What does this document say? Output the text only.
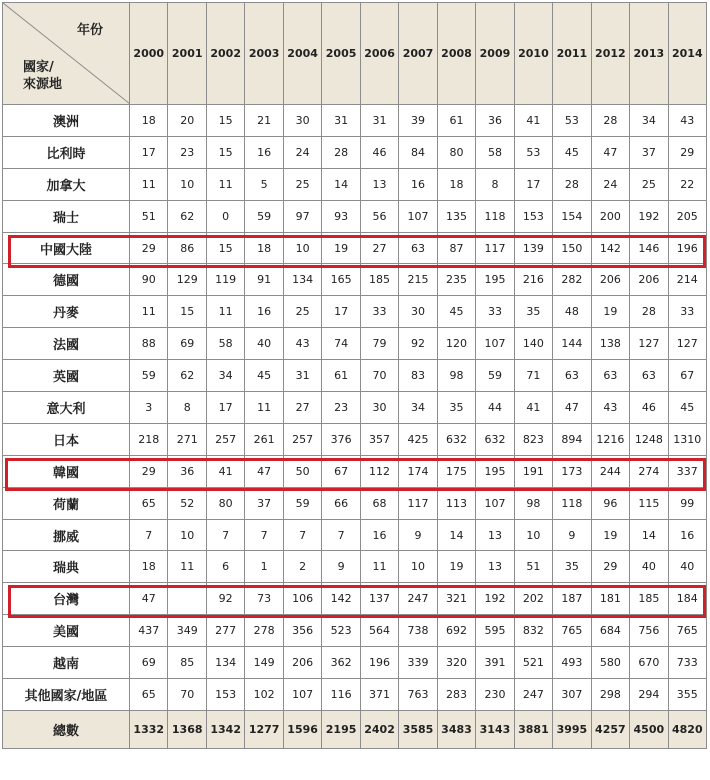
年份
國家/
來源地	2000	2001	2002	2003	2004	2005	2006	2007	2008	2009	2010	2011	2012	2013	2014
澳洲	18	20	15	21	30	31	31	39	61	36	41	53	28	34	43
比利時	17	23	15	16	24	28	46	84	80	58	53	45	47	37	29
加拿大	11	10	11	5	25	14	13	16	18	8	17	28	24	25	22
瑞士	51	62	0	59	97	93	56	107	135	118	153	154	200	192	205
中國大陸	29	86	15	18	10	19	27	63	87	117	139	150	142	146	196
德國	90	129	119	91	134	165	185	215	235	195	216	282	206	206	214
丹麥	11	15	11	16	25	17	33	30	45	33	35	48	19	28	33
法國	88	69	58	40	43	74	79	92	120	107	140	144	138	127	127
英國	59	62	34	45	31	61	70	83	98	59	71	63	63	63	67
意大利	3	8	17	11	27	23	30	34	35	44	41	47	43	46	45
日本	218	271	257	261	257	376	357	425	632	632	823	894	1216	1248	1310
韓國	29	36	41	47	50	67	112	174	175	195	191	173	244	274	337
荷蘭	65	52	80	37	59	66	68	117	113	107	98	118	96	115	99
挪威	7	10	7	7	7	7	16	9	14	13	10	9	19	14	16
瑞典	18	11	6	1	2	9	11	10	19	13	51	35	29	40	40
台灣	47		92	73	106	142	137	247	321	192	202	187	181	185	184
美國	437	349	277	278	356	523	564	738	692	595	832	765	684	756	765
越南	69	85	134	149	206	362	196	339	320	391	521	493	580	670	733
其他國家/地區	65	70	153	102	107	116	371	763	283	230	247	307	298	294	355
總數	1332	1368	1342	1277	1596	2195	2402	3585	3483	3143	3881	3995	4257	4500	4820
